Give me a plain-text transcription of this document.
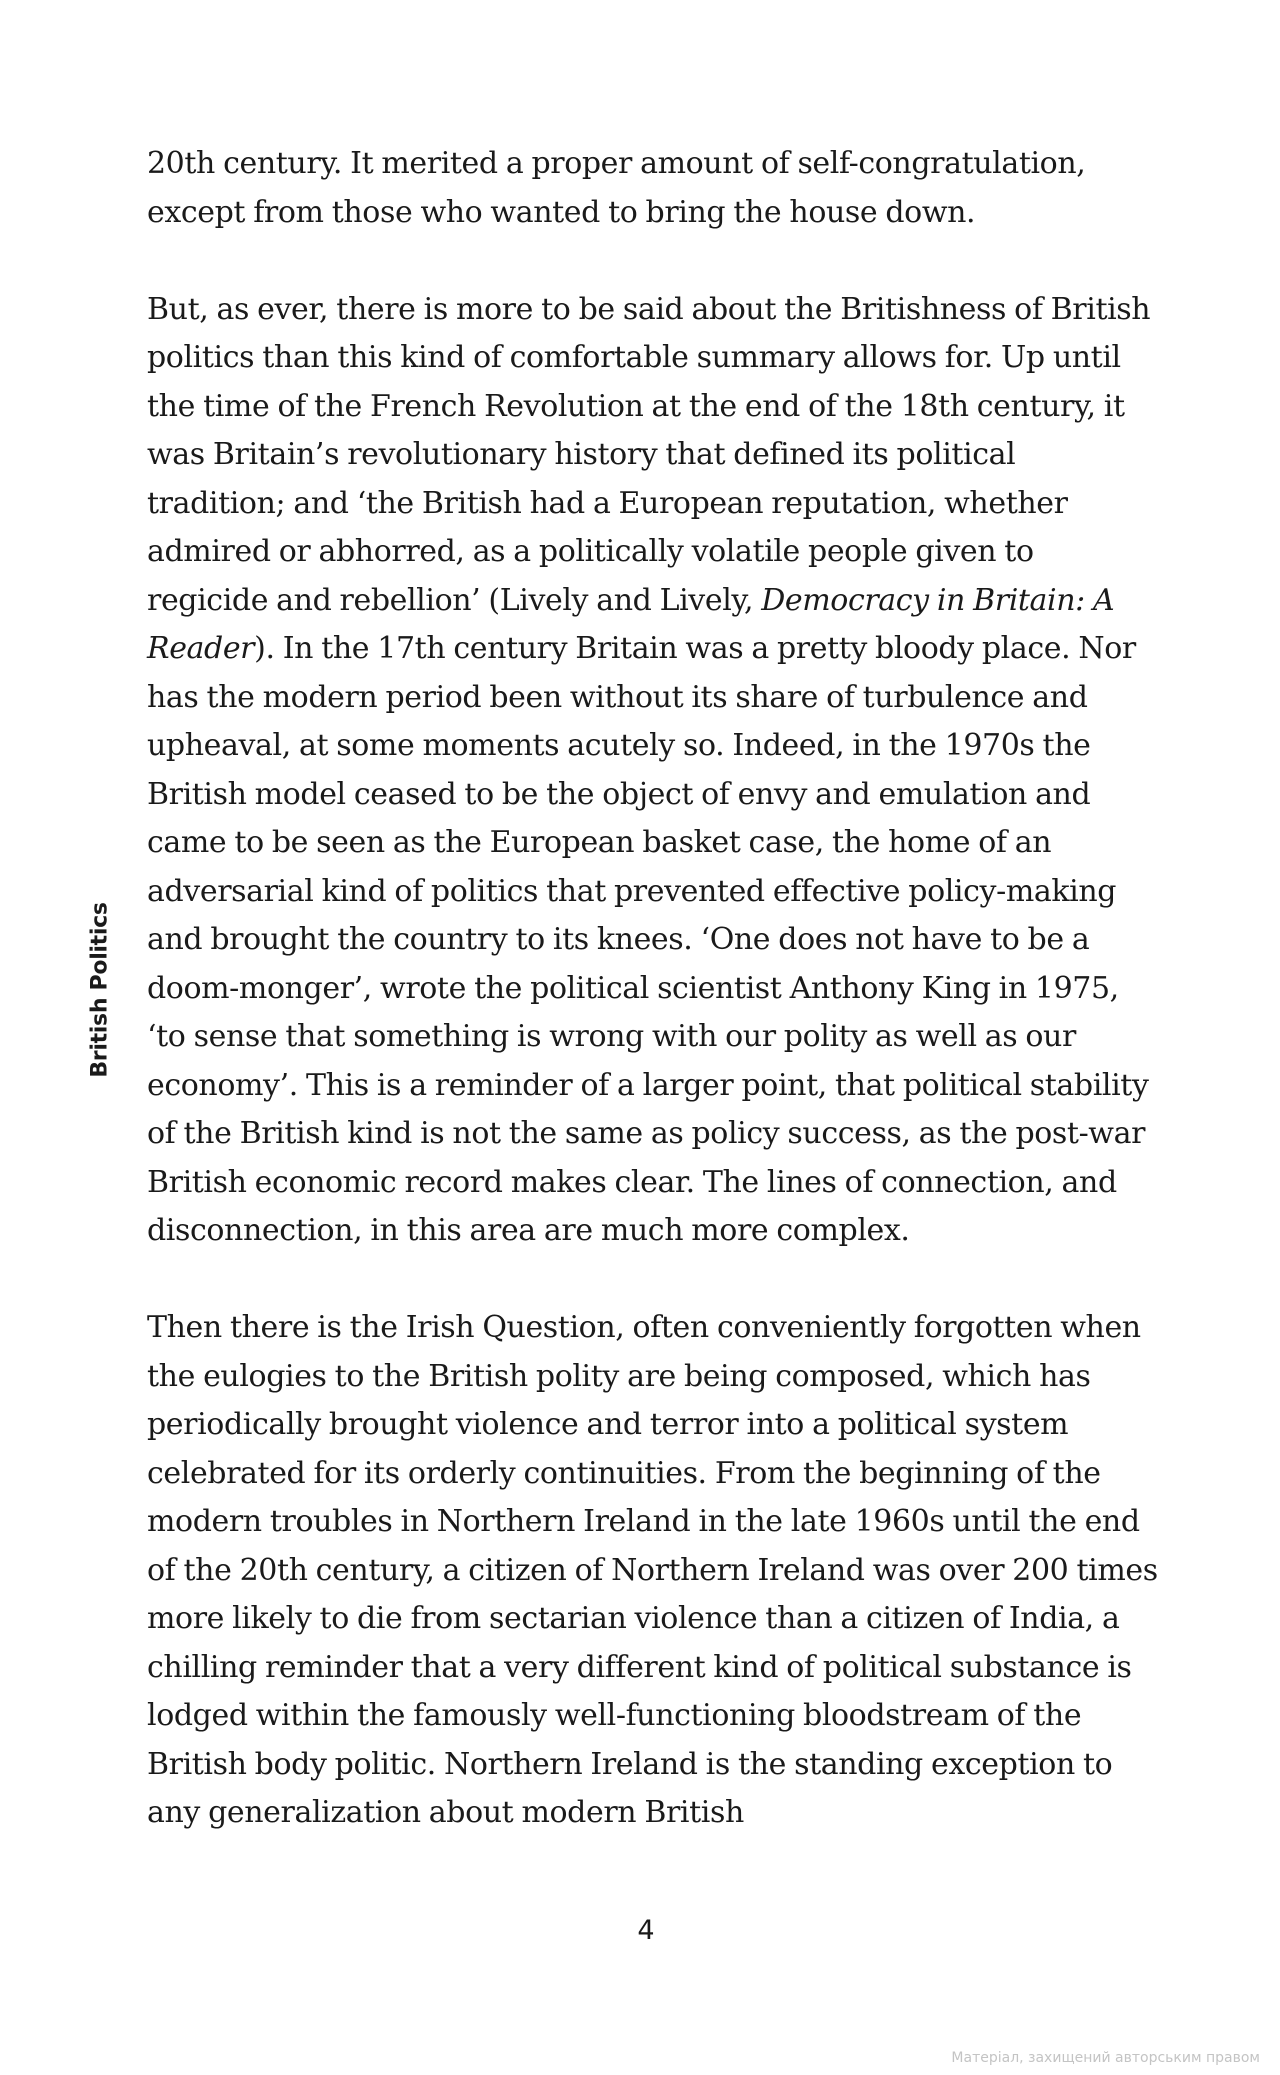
British Politics

20th century. It merited a proper amount of self-congratulation, except from those who wanted to bring the house down.

But, as ever, there is more to be said about the Britishness of British politics than this kind of comfortable summary allows for. Up until the time of the French Revolution at the end of the 18th century, it was Britain’s revolutionary history that defined its political tradition; and ‘the British had a European reputation, whether admired or abhorred, as a politically volatile people given to regicide and rebellion’ (Lively and Lively, Democracy in Britain: A Reader). In the 17th century Britain was a pretty bloody place. Nor has the modern period been without its share of turbulence and upheaval, at some moments acutely so. Indeed, in the 1970s the British model ceased to be the object of envy and emulation and came to be seen as the European basket case, the home of an adversarial kind of politics that prevented effective policy-making and brought the country to its knees. ‘One does not have to be a doom-monger’, wrote the political scientist Anthony King in 1975, ‘to sense that something is wrong with our polity as well as our economy’. This is a reminder of a larger point, that political stability of the British kind is not the same as policy success, as the post-war British economic record makes clear. The lines of connection, and disconnection, in this area are much more complex.

Then there is the Irish Question, often conveniently forgotten when the eulogies to the British polity are being composed, which has periodically brought violence and terror into a political system celebrated for its orderly continuities. From the beginning of the modern troubles in Northern Ireland in the late 1960s until the end of the 20th century, a citizen of Northern Ireland was over 200 times more likely to die from sectarian violence than a citizen of India, a chilling reminder that a very different kind of political substance is lodged within the famously well-functioning bloodstream of the British body politic. Northern Ireland is the standing exception to any generalization about modern British

4
Матеріал, захищений авторським правом
